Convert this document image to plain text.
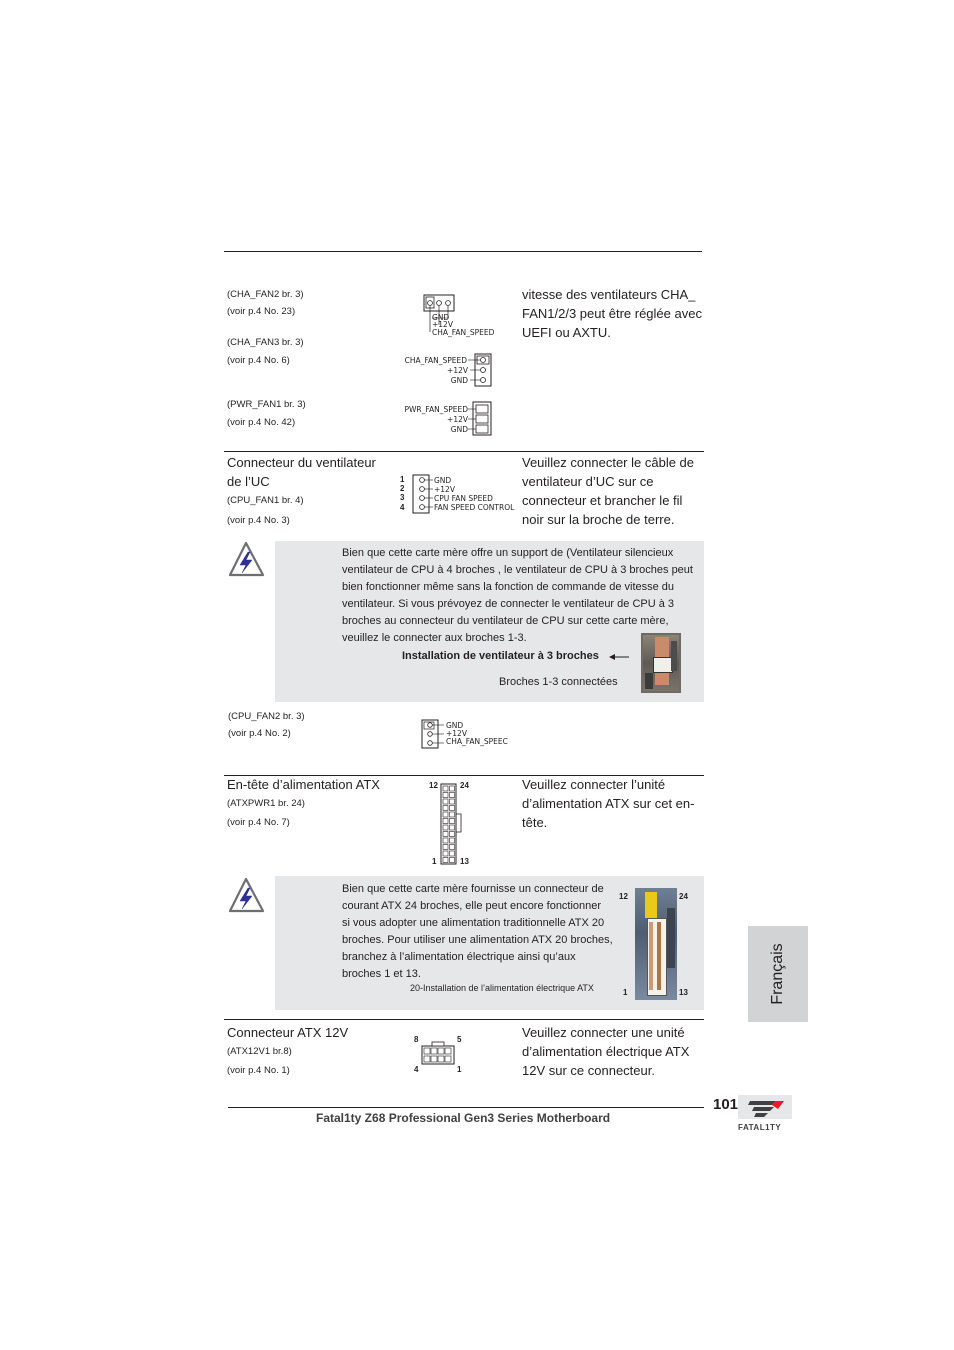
(CHA_FAN2 br. 3)
(voir p.4 No. 23)
(CHA_FAN3 br. 3)
(voir p.4 No. 6)
(PWR_FAN1 br. 3)
(voir p.4 No. 42)
GND
+12V
CHA_FAN_SPEED
CHA_FAN_SPEED
+12V
GND
PWR_FAN_SPEED
+12V
GND
vitesse des ventilateurs CHA_
FAN1/2/3 peut être réglée avec
UEFI ou AXTU.
Connecteur du ventilateur
de l’UC
(CPU_FAN1 br. 4)
(voir p.4 No. 3)
1
2
3
4
GND
+12V
CPU FAN SPEED
FAN SPEED CONTROL
Veuillez connecter le câble de
ventilateur d’UC sur ce
connecteur et brancher le fil
noir sur la broche de terre.
Bien que cette carte mère offre un support de (Ventilateur silencieux
ventilateur de CPU à 4 broches , le ventilateur de CPU à 3 broches peut
bien fonctionner même sans la fonction de commande de vitesse du
ventilateur. Si vous prévoyez de connecter le ventilateur de CPU à 3
broches au connecteur du ventilateur de CPU sur cette carte mère,
veuillez le connecter aux broches 1-3.
Installation de ventilateur à 3 broches
Broches 1-3 connectées
(CPU_FAN2 br. 3)
(voir p.4 No. 2)
GND
+12V
CHA_FAN_SPEEC
En-tête d’alimentation ATX
(ATXPWR1 br. 24)
(voir p.4 No. 7)
12	24
1	13
Veuillez connecter l’unité
d’alimentation ATX sur cet en-
tête.
Bien que cette carte mère fournisse un connecteur de
courant ATX 24 broches, elle peut encore fonctionner
si vous adopter une alimentation traditionnelle ATX 20
broches. Pour utiliser une alimentation ATX 20 broches,
branchez à l’alimentation électrique ainsi qu’aux
broches 1 et 13.
20-Installation de l’alimentation électrique ATX
12	24
1	13
Connecteur ATX 12V
(ATX12V1 br.8)
(voir p.4 No. 1)
8	5
4	1
Veuillez connecter une unité
d’alimentation électrique ATX
12V sur ce connecteur.
Français
101
Fatal1ty Z68 Professional Gen3 Series Motherboard
FATAL1TY
